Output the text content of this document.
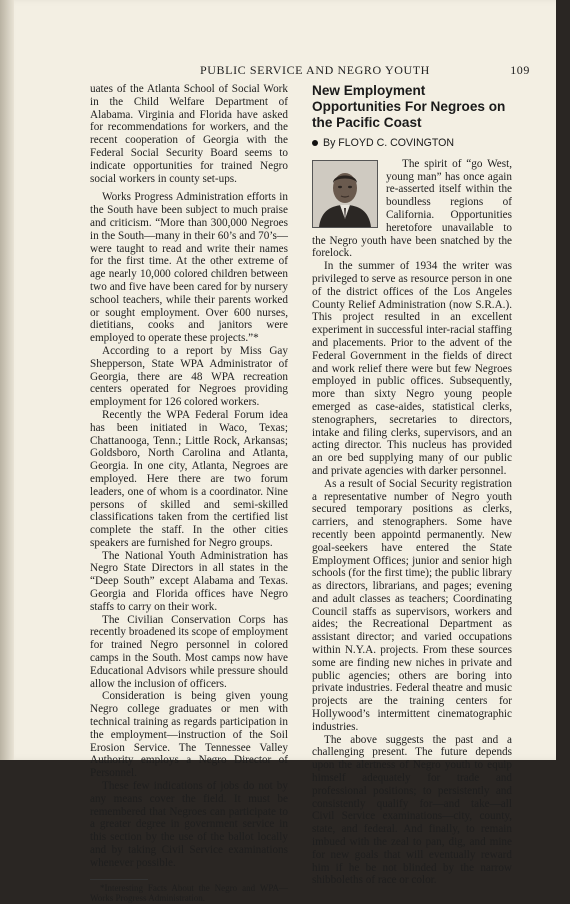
PUBLIC SERVICE AND NEGRO YOUTH	109

uates of the Atlanta School of Social Work in the Child Welfare Department of Alabama. Virginia and Florida have asked for recommendations for workers, and the recent cooperation of Georgia with the Federal Social Security Board seems to indicate opportunities for trained Negro social workers in county set-ups.

Works Progress Administration efforts in the South have been subject to much praise and criticism. “More than 300,000 Negroes in the South—many in their 60’s and 70’s—were taught to read and write their names for the first time. At the other extreme of age nearly 10,000 colored children between two and five have been cared for by nursery school teachers, while their parents worked or sought employment. Over 600 nurses, dietitians, cooks and janitors were employed to operate these projects.”*

According to a report by Miss Gay Shepperson, State WPA Administrator of Georgia, there are 48 WPA recreation centers operated for Negroes providing employment for 126 colored workers.

Recently the WPA Federal Forum idea has been initiated in Waco, Texas; Chattanooga, Tenn.; Little Rock, Arkansas; Goldsboro, North Carolina and Atlanta, Georgia. In one city, Atlanta, Negroes are employed. Here there are two forum leaders, one of whom is a coordinator. Nine persons of skilled and semi-skilled classifications taken from the certified list complete the staff. In the other cities speakers are furnished for Negro groups.

The National Youth Administration has Negro State Directors in all states in the “Deep South” except Alabama and Texas. Georgia and Florida offices have Negro staffs to carry on their work.

The Civilian Conservation Corps has recently broadened its scope of employment for trained Negro personnel in colored camps in the South. Most camps now have Educational Advisors while pressure should allow the inclusion of officers.

Consideration is being given young Negro college graduates or men with technical training as regards participation in the employment—instruction of the Soil Erosion Service. The Tennessee Valley Authority employs a Negro Director of Personnel.

These few indications of jobs do not by any means cover the field. It must be remembered that Negroes can participate to a greater degree in government service in this section by the use of the ballot locally and by taking Civil Service examinations whenever possible.

*Interesting Facts About the Negro and WPA—Works Progress Administration.

New Employment Opportunities For Negroes on the Pacific Coast
By FLOYD C. COVINGTON

The spirit of “go West, young man” has once again re-asserted itself within the boundless regions of California. Opportunities heretofore unavailable to the Negro youth have been snatched by the forelock.

In the summer of 1934 the writer was privileged to serve as resource person in one of the district offices of the Los Angeles County Relief Administration (now S.R.A.). This project resulted in an excellent experiment in successful inter-racial staffing and placements. Prior to the advent of the Federal Government in the fields of direct and work relief there were but few Negroes employed in public offices. Subsequently, more than sixty Negro young people emerged as case-aides, statistical clerks, stenographers, secretaries to directors, intake and filing clerks, supervisors, and an acting director. This nucleus has provided an ore bed supplying many of our public and private agencies with darker personnel.

As a result of Social Security registration a representative number of Negro youth secured temporary positions as clerks, carriers, and stenographers. Some have recently been appointd permanently. New goal-seekers have entered the State Employment Offices; junior and senior high schools (for the first time); the public library as directors, librarians, and pages; evening and adult classes as teachers; Coordinating Council staffs as supervisors, workers and aides; the Recreational Department as assistant director; and varied occupations within N.Y.A. projects. From these sources some are finding new niches in private and public agencies; others are boring into private industries. Federal theatre and music projects are the training centers for Hollywood’s intermittent cinematographic industries.

The above suggests the past and a challenging present. The future depends upon the alertness of Negro youth to equip himself adequately for trade and professional positions; to persistently and consistently qualify for—and take—all Civil Service examinations—city, county, state, and federal. And finally, to remain imbued with the zeal to pan, dig, and mine for new goals that will eventually reward him if he be not blinded by the narrow shibboleths of race or color.
